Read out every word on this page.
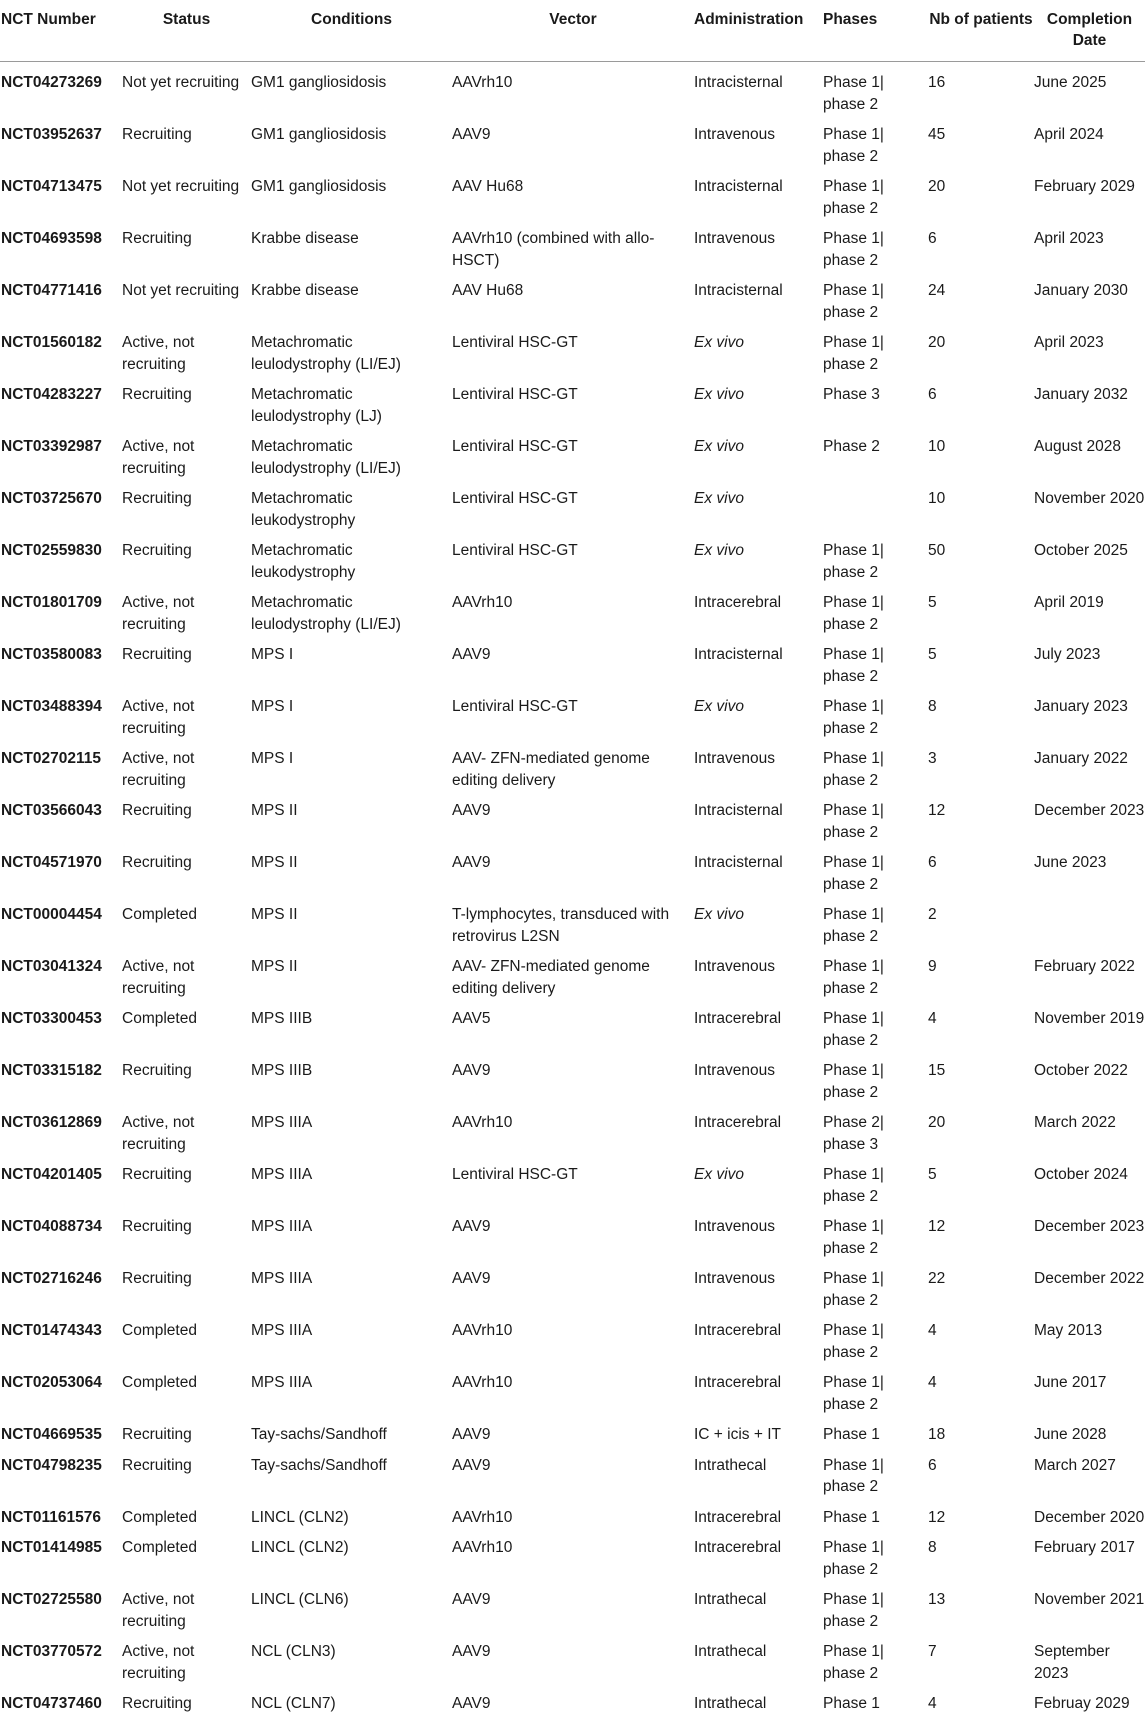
NCT Number	Status	Conditions	Vector	Administration	Phases	Nb of patients	Completion Date
NCT04273269	Not yet recruiting	GM1 gangliosidosis	AAVrh10	Intracisternal	Phase 1| phase 2	16	June 2025
NCT03952637	Recruiting	GM1 gangliosidosis	AAV9	Intravenous	Phase 1| phase 2	45	April 2024
NCT04713475	Not yet recruiting	GM1 gangliosidosis	AAV Hu68	Intracisternal	Phase 1| phase 2	20	February 2029
NCT04693598	Recruiting	Krabbe disease	AAVrh10 (combined with allo-HSCT)	Intravenous	Phase 1| phase 2	6	April 2023
NCT04771416	Not yet recruiting	Krabbe disease	AAV Hu68	Intracisternal	Phase 1| phase 2	24	January 2030
NCT01560182	Active, not recruiting	Metachromatic leulodystrophy (LI/EJ)	Lentiviral HSC-GT	Ex vivo	Phase 1| phase 2	20	April 2023
NCT04283227	Recruiting	Metachromatic leulodystrophy (LJ)	Lentiviral HSC-GT	Ex vivo	Phase 3	6	January 2032
NCT03392987	Active, not recruiting	Metachromatic leulodystrophy (LI/EJ)	Lentiviral HSC-GT	Ex vivo	Phase 2	10	August 2028
NCT03725670	Recruiting	Metachromatic leukodystrophy	Lentiviral HSC-GT	Ex vivo		10	November 2020
NCT02559830	Recruiting	Metachromatic leukodystrophy	Lentiviral HSC-GT	Ex vivo	Phase 1| phase 2	50	October 2025
NCT01801709	Active, not recruiting	Metachromatic leulodystrophy (LI/EJ)	AAVrh10	Intracerebral	Phase 1| phase 2	5	April 2019
NCT03580083	Recruiting	MPS I	AAV9	Intracisternal	Phase 1| phase 2	5	July 2023
NCT03488394	Active, not recruiting	MPS I	Lentiviral HSC-GT	Ex vivo	Phase 1| phase 2	8	January 2023
NCT02702115	Active, not recruiting	MPS I	AAV- ZFN-mediated genome editing delivery	Intravenous	Phase 1| phase 2	3	January 2022
NCT03566043	Recruiting	MPS II	AAV9	Intracisternal	Phase 1| phase 2	12	December 2023
NCT04571970	Recruiting	MPS II	AAV9	Intracisternal	Phase 1| phase 2	6	June 2023
NCT00004454	Completed	MPS II	T-lymphocytes, transduced with retrovirus L2SN	Ex vivo	Phase 1| phase 2	2	
NCT03041324	Active, not recruiting	MPS II	AAV- ZFN-mediated genome editing delivery	Intravenous	Phase 1| phase 2	9	February 2022
NCT03300453	Completed	MPS IIIB	AAV5	Intracerebral	Phase 1| phase 2	4	November 2019
NCT03315182	Recruiting	MPS IIIB	AAV9	Intravenous	Phase 1| phase 2	15	October 2022
NCT03612869	Active, not recruiting	MPS IIIA	AAVrh10	Intracerebral	Phase 2| phase 3	20	March 2022
NCT04201405	Recruiting	MPS IIIA	Lentiviral HSC-GT	Ex vivo	Phase 1| phase 2	5	October 2024
NCT04088734	Recruiting	MPS IIIA	AAV9	Intravenous	Phase 1| phase 2	12	December 2023
NCT02716246	Recruiting	MPS IIIA	AAV9	Intravenous	Phase 1| phase 2	22	December 2022
NCT01474343	Completed	MPS IIIA	AAVrh10	Intracerebral	Phase 1| phase 2	4	May 2013
NCT02053064	Completed	MPS IIIA	AAVrh10	Intracerebral	Phase 1| phase 2	4	June 2017
NCT04669535	Recruiting	Tay-sachs/Sandhoff	AAV9	IC + icis + IT	Phase 1	18	June 2028
NCT04798235	Recruiting	Tay-sachs/Sandhoff	AAV9	Intrathecal	Phase 1| phase 2	6	March 2027
NCT01161576	Completed	LINCL (CLN2)	AAVrh10	Intracerebral	Phase 1	12	December 2020
NCT01414985	Completed	LINCL (CLN2)	AAVrh10	Intracerebral	Phase 1| phase 2	8	February 2017
NCT02725580	Active, not recruiting	LINCL (CLN6)	AAV9	Intrathecal	Phase 1| phase 2	13	November 2021
NCT03770572	Active, not recruiting	NCL (CLN3)	AAV9	Intrathecal	Phase 1| phase 2	7	September 2023
NCT04737460	Recruiting	NCL (CLN7)	AAV9	Intrathecal	Phase 1	4	Februay 2029
